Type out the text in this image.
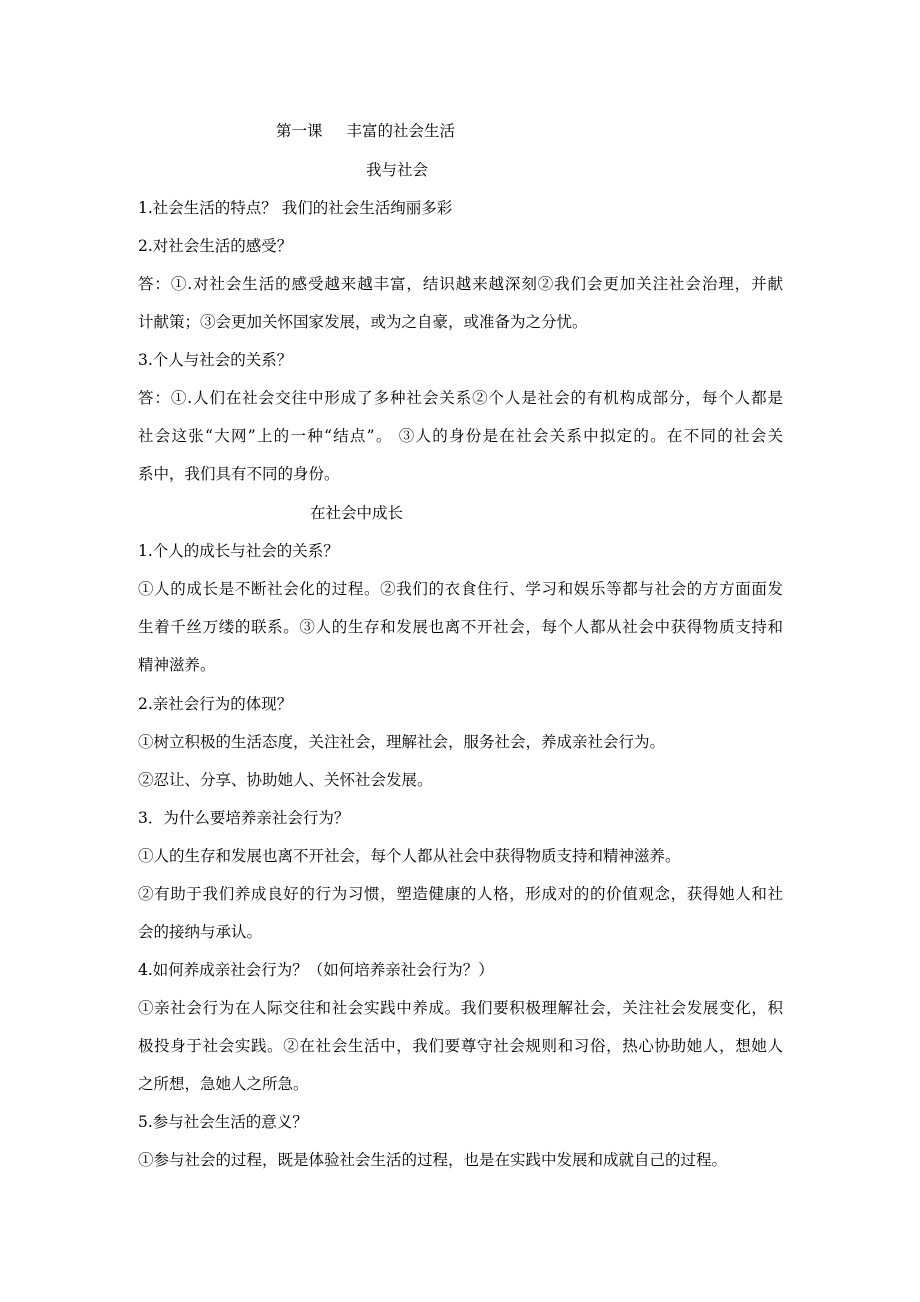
第一课 丰富的社会生活
我与社会
1.社会生活的特点？ 我们的社会生活绚丽多彩
2.对社会生活的感受？
答：①.对社会生活的感受越来越丰富，结识越来越深刻②我们会更加关注社会治理，并献
计献策；③会更加关怀国家发展，或为之自豪，或准备为之分忧。
3.个人与社会的关系？
答：①.人们在社会交往中形成了多种社会关系②个人是社会的有机构成部分，每个人都是
社会这张“大网”上的一种“结点”。 ③人的身份是在社会关系中拟定的。在不同的社会关
系中，我们具有不同的身份。
在社会中成长
1.个人的成长与社会的关系？
①人的成长是不断社会化的过程。②我们的衣食住行、学习和娱乐等都与社会的方方面面发
生着千丝万缕的联系。③人的生存和发展也离不开社会，每个人都从社会中获得物质支持和
精神滋养。
2.亲社会行为的体现？
①树立积极的生活态度，关注社会，理解社会，服务社会，养成亲社会行为。
②忍让、分享、协助她人、关怀社会发展。
3．为什么要培养亲社会行为？
①人的生存和发展也离不开社会，每个人都从社会中获得物质支持和精神滋养。
②有助于我们养成良好的行为习惯，塑造健康的人格，形成对的的价值观念，获得她人和社
会的接纳与承认。
4.如何养成亲社会行为？（如何培养亲社会行为？）
①亲社会行为在人际交往和社会实践中养成。我们要积极理解社会，关注社会发展变化，积
极投身于社会实践。②在社会生活中，我们要尊守社会规则和习俗，热心协助她人，想她人
之所想，急她人之所急。
5.参与社会生活的意义？
①参与社会的过程，既是体验社会生活的过程，也是在实践中发展和成就自己的过程。
